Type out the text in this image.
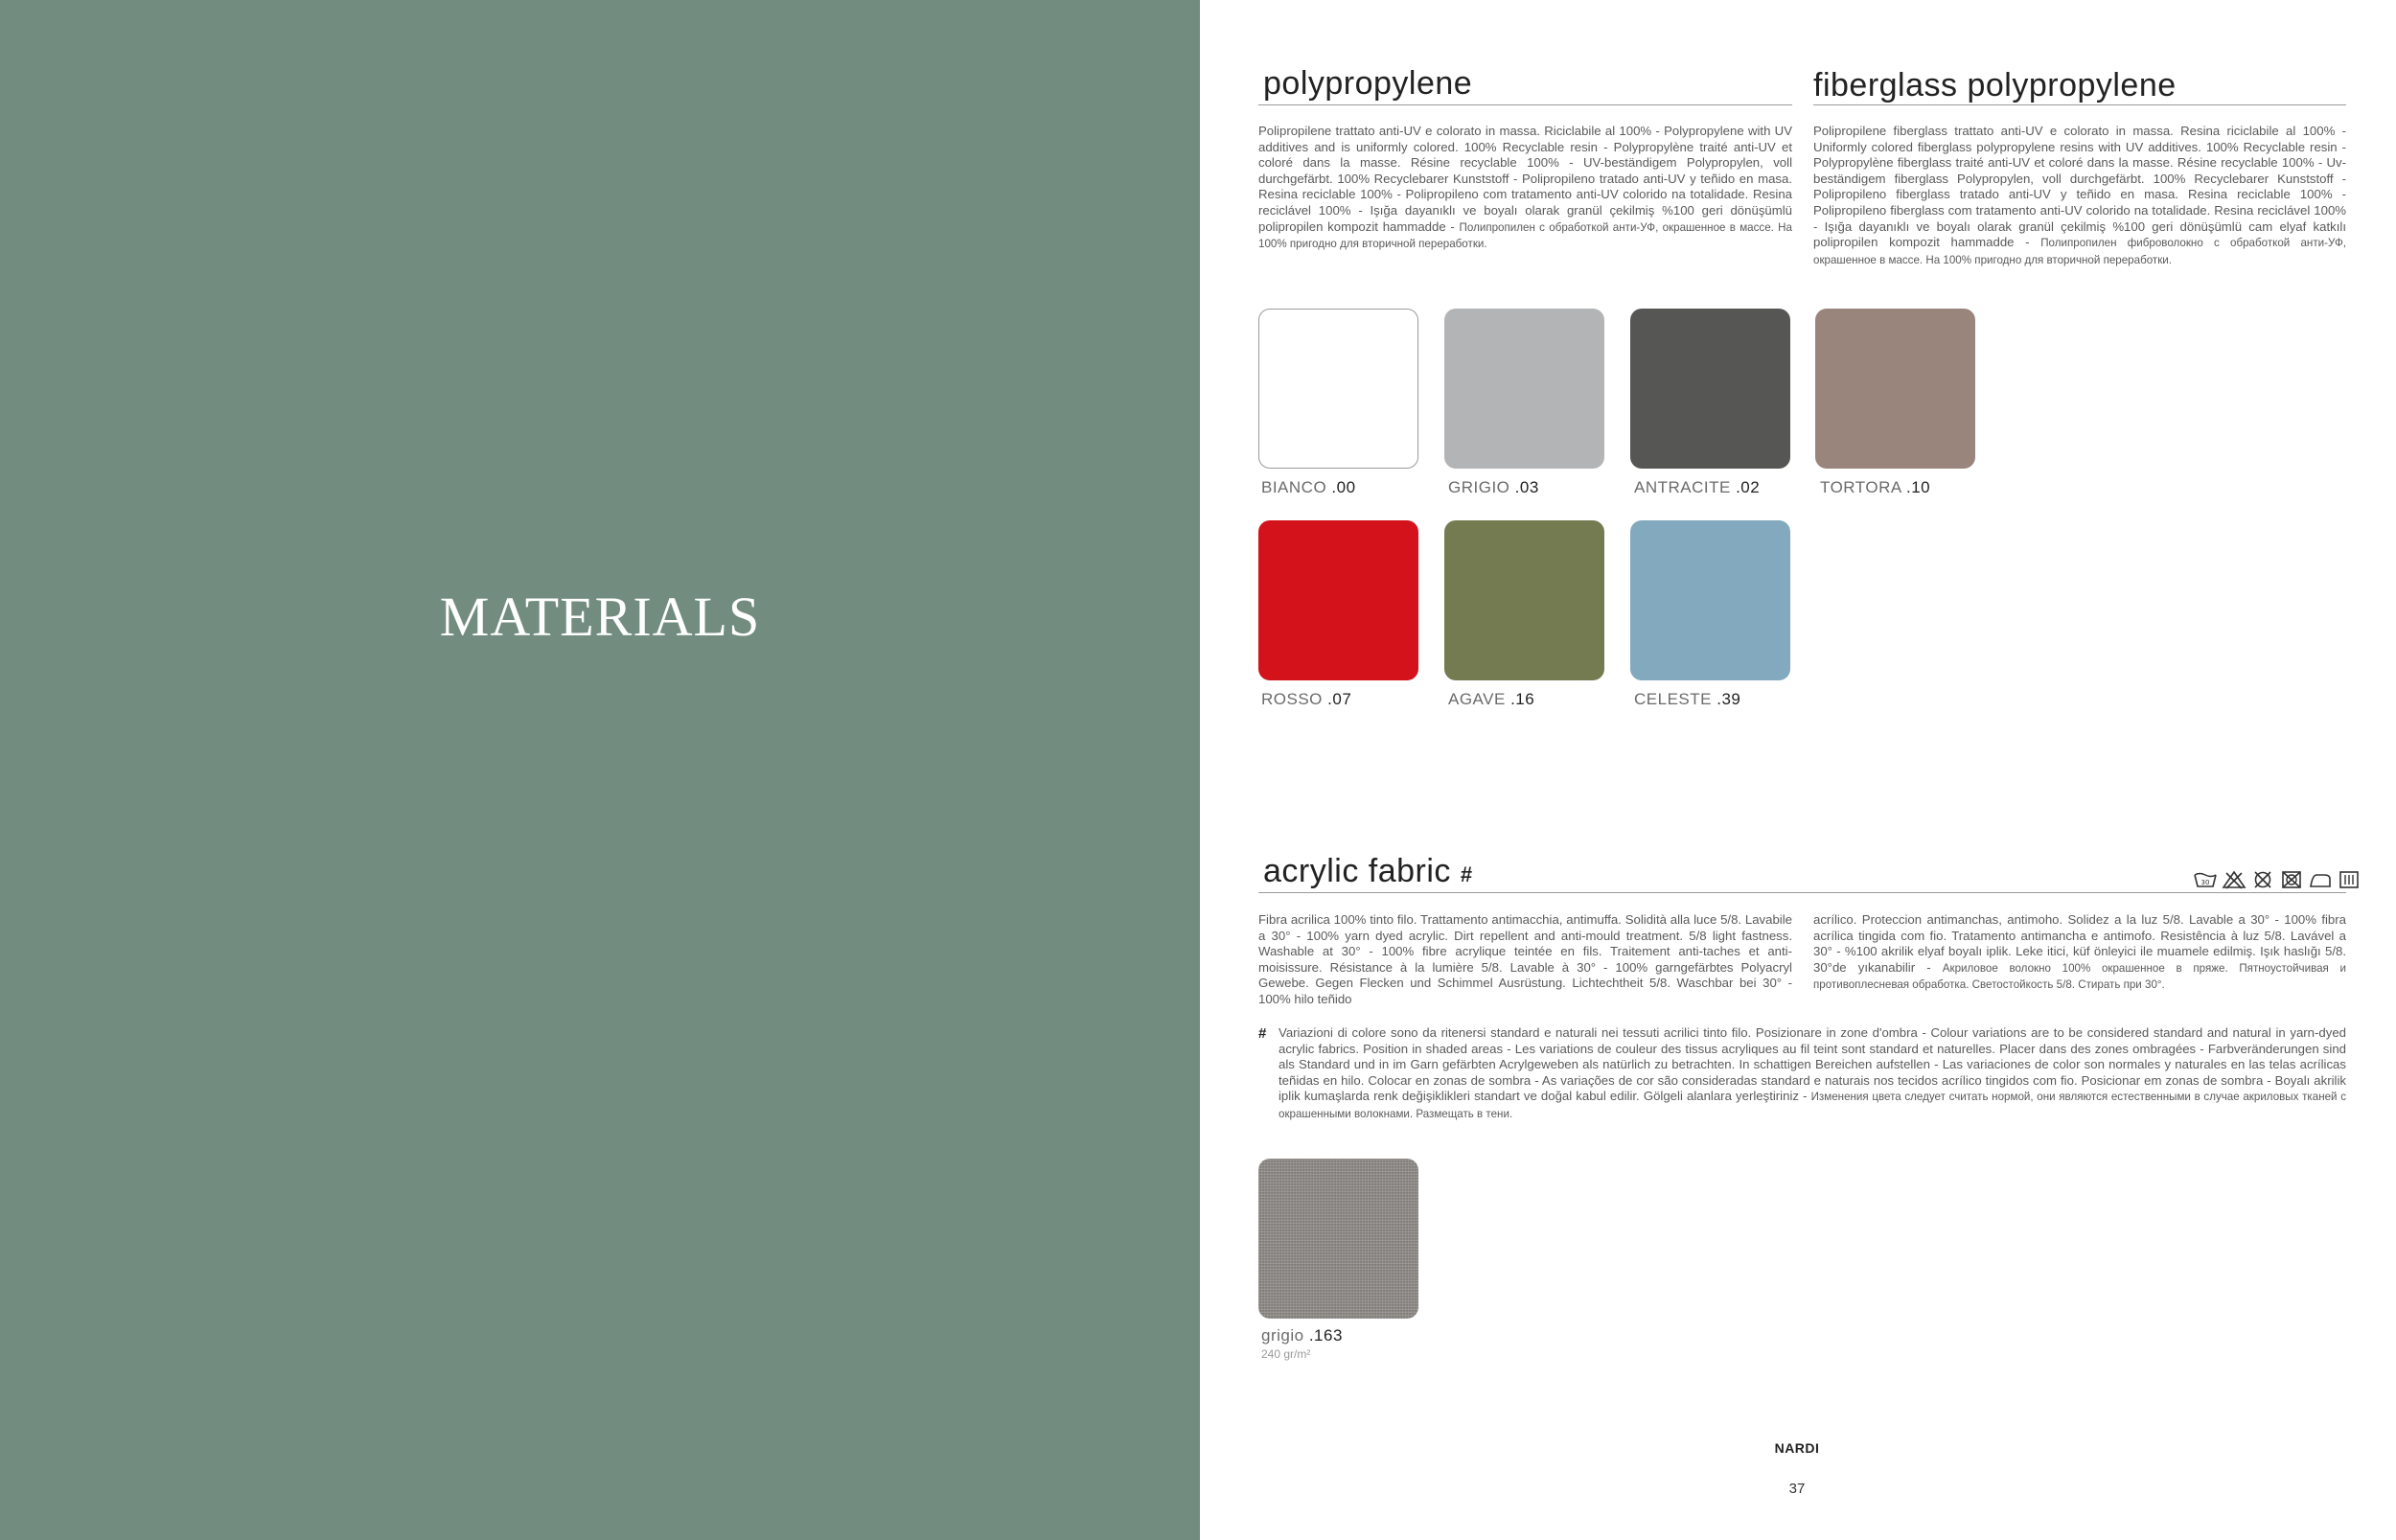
MATERIALS
polypropylene
Polipropilene trattato anti-UV e colorato in massa. Riciclabile al 100% - Polypropylene with UV additives and is uniformly colored. 100% Recyclable resin - Polypropylène traité anti-UV et coloré dans la masse. Résine recyclable 100% - UV-beständigem Polypropylen, voll durchgefärbt. 100% Recyclebarer Kunststoff - Polipropileno tratado anti-UV y teñido en masa. Resina reciclable 100% - Polipropileno com tratamento anti-UV colorido na totalidade. Resina reciclável 100% - Işığa dayanıklı ve boyalı olarak granül çekilmiş %100 geri dönüşümlü polipropilen kompozit hammadde - Полипропилен с обработкой анти-УФ, окрашенное в массе. На 100% пригодно для вторичной переработки.
fiberglass polypropylene
Polipropilene fiberglass trattato anti-UV e colorato in massa. Resina riciclabile al 100% - Uniformly colored fiberglass polypropylene resins with UV additives. 100% Recyclable resin - Polypropylène fiberglass traité anti-UV et coloré dans la masse. Résine recyclable 100% - Uv-beständigem fiberglass Polypropylen, voll durchgefärbt. 100% Recyclebarer Kunststoff - Polipropileno fiberglass tratado anti-UV y teñido en masa. Resina reciclable 100% - Polipropileno fiberglass com tratamento anti-UV colorido na totalidade. Resina reciclável 100% - Işığa dayanıklı ve boyalı olarak granül çekilmiş %100 geri dönüşümlü cam elyaf katkılı polipropilen kompozit hammadde - Полипропилен фиброволокно с обработкой анти-УФ, окрашенное в массе. На 100% пригодно для вторичной переработки.
BIANCO .00	GRIGIO .03	ANTRACITE .02	TORTORA .10
ROSSO .07	AGAVE .16	CELESTE .39
acrylic fabric #	30
Fibra acrilica 100% tinto filo. Trattamento antimacchia, antimuffa. Solidità alla luce 5/8. Lavabile a 30° - 100% yarn dyed acrylic. Dirt repellent and anti-mould treatment. 5/8 light fastness. Washable at 30° - 100% fibre acrylique teintée en fils. Traitement anti-taches et anti-moisissure. Résistance à la lumière 5/8. Lavable à 30° - 100% garngefärbtes Polyacryl Gewebe. Gegen Flecken und Schimmel Ausrüstung. Lichtechtheit 5/8. Waschbar bei 30° - 100% hilo teñido
acrílico. Proteccion antimanchas, antimoho. Solidez a la luz 5/8. Lavable a 30° - 100% fibra acrílica tingida com fio. Tratamento antimancha e antimofo. Resistência à luz 5/8. Lavável a 30° - %100 akrilik elyaf boyalı iplik. Leke itici, küf önleyici ile muamele edilmiş. Işık haslığı 5/8. 30°de yıkanabilir - Акриловое волокно 100% окрашенное в пряже. Пятноустойчивая и противоплесневая обработка. Светостойкость 5/8. Стирать при 30°.
# Variazioni di colore sono da ritenersi standard e naturali nei tessuti acrilici tinto filo. Posizionare in zone d'ombra - Colour variations are to be considered standard and natural in yarn-dyed acrylic fabrics. Position in shaded areas - Les variations de couleur des tissus acryliques au fil teint sont standard et naturelles. Placer dans des zones ombragées - Farbveränderungen sind als Standard und in im Garn gefärbten Acrylgeweben als natürlich zu betrachten. In schattigen Bereichen aufstellen - Las variaciones de color son normales y naturales en las telas acrílicas teñidas en hilo. Colocar en zonas de sombra - As variações de cor são consideradas standard e naturais nos tecidos acrílico tingidos com fio. Posicionar em zonas de sombra - Boyalı akrilik iplik kumaşlarda renk değişiklikleri standart ve doğal kabul edilir. Gölgeli alanlara yerleştiriniz - Изменения цвета следует считать нормой, они являются естественными в случае акриловых тканей с окрашенными волокнами. Размещать в тени.
grigio .163
240 gr/m²
NARDI
37
